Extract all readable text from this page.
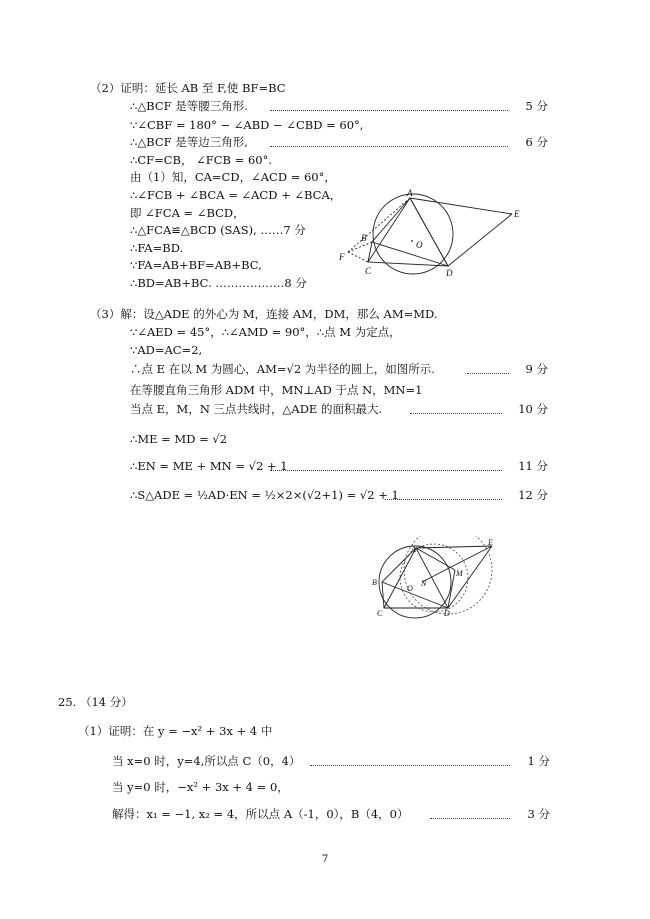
（2）证明：延长 AB 至 F,使 BF=BC
∴△BCF 是等腰三角形.	5 分
∵∠CBF = 180° − ∠ABD − ∠CBD = 60°,
∴△BCF 是等边三角形,	6 分
∴CF=CB， ∠FCB = 60°.
由（1）知，CA=CD，∠ACD = 60°，
∴∠FCB + ∠BCA = ∠ACD + ∠BCA，
即 ∠FCA = ∠BCD，
∴△FCA≌△BCD (SAS), ……7 分
∴FA=BD.
∵FA=AB+BF=AB+BC,
∴BD=AB+BC. ………………8 分
A
E
B
O
F
C	D
（3）解：设△ADE 的外心为 M，连接 AM，DM，那么 AM=MD.
∵∠AED = 45°，∴∠AMD = 90°，∴点 M 为定点，
∵AD=AC=2,
∴点 E 在以 M 为圆心，AM=√2 为半径的圆上，如图所示.	9 分
在等腰直角三角形 ADM 中，MN⊥AD 于点 N，MN=1
当点 E，M，N 三点共线时，△ADE 的面积最大.	10 分
∴ME = MD = √2
∴EN = ME + MN = √2 + 1	11 分
∴S△ADE = ½AD·EN = ½×2×(√2+1) = √2 + 1	12 分
A
E
B
O
N
M
C	D
25. （14 分）
（1）证明：在 y = −x² + 3x + 4 中
当 x=0 时，y=4,所以点 C（0，4）	1 分
当 y=0 时，−x² + 3x + 4 = 0，
解得：x₁ = −1, x₂ = 4，所以点 A（-1，0），B（4，0）	3 分
7
